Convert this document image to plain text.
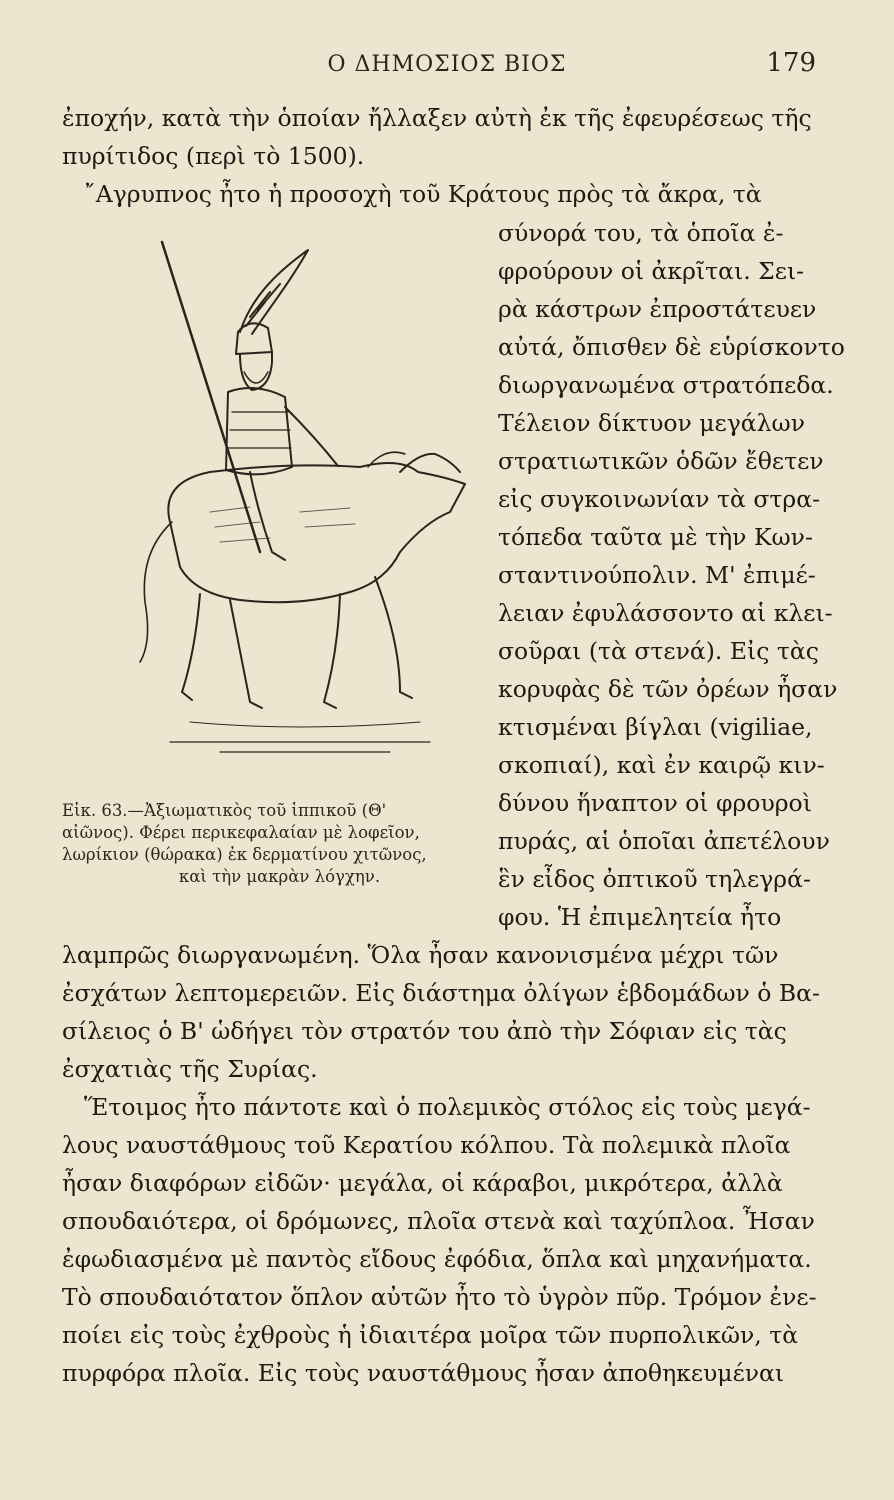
Ο ΔΗΜΟΣΙΟΣ ΒΙΟΣ	179
ἐποχήν, κατὰ τὴν ὁποίαν ἤλλαξεν αὐτὴ ἐκ τῆς ἐφευρέσεως τῆς
πυρίτιδος (περὶ τὸ 1500).
῎Αγρυπνος ἦτο ἡ προσοχὴ τοῦ Κράτους πρὸς τὰ ἄκρα, τὰ
σύνορά του, τὰ ὁποῖα ἐ-
φρούρουν οἱ ἀκρῖται. Σει-
ρὰ κάστρων ἐπροστάτευεν
αὐτά, ὄπισθεν δὲ εὑρίσκοντο
διωργανωμένα στρατόπεδα.
Τέλειον δίκτυον μεγάλων
στρατιωτικῶν ὁδῶν ἔθετεν
εἰς συγκοινωνίαν τὰ στρα-
τόπεδα ταῦτα μὲ τὴν Κων-
σταντινούπολιν. Μ' ἐπιμέ-
λειαν ἐφυλάσσοντο αἱ κλει-
σοῦραι (τὰ στενά). Εἰς τὰς
κορυφὰς δὲ τῶν ὀρέων ἦσαν
κτισμέναι βίγλαι (vigiliae,
σκοπιαί), καὶ ἐν καιρῷ κιν-
δύνου ἥναπτον οἱ φρουροὶ
πυράς, αἱ ὁποῖαι ἀπετέλουν
ἓν εἶδος ὀπτικοῦ τηλεγρά-
φου. Ἡ ἐπιμελητεία ἦτο
λαμπρῶς διωργανωμένη. Ὅλα ἦσαν κανονισμένα μέχρι τῶν
ἐσχάτων λεπτομερειῶν. Εἰς διάστημα ὀλίγων ἑβδομάδων ὁ Βα-
σίλειος ὁ Β' ὡδήγει τὸν στρατόν του ἀπὸ τὴν Σόφιαν εἰς τὰς
ἐσχατιὰς τῆς Συρίας.
Ἕτοιμος ἦτο πάντοτε καὶ ὁ πολεμικὸς στόλος εἰς τοὺς μεγά-
λους ναυστάθμους τοῦ Κερατίου κόλπου. Τὰ πολεμικὰ πλοῖα
ἦσαν διαφόρων εἰδῶν· μεγάλα, οἱ κάραβοι, μικρότερα, ἀλλὰ
σπουδαιότερα, οἱ δρόμωνες, πλοῖα στενὰ καὶ ταχύπλοα. Ἦσαν
ἐφωδιασμένα μὲ παντὸς εἴδους ἐφόδια, ὅπλα καὶ μηχανήματα.
Τὸ σπουδαιότατον ὅπλον αὐτῶν ἦτο τὸ ὑγρὸν πῦρ. Τρόμον ἐνε-
ποίει εἰς τοὺς ἐχθροὺς ἡ ἰδιαιτέρα μοῖρα τῶν πυρπολικῶν, τὰ
πυρφόρα πλοῖα. Εἰς τοὺς ναυστάθμους ἦσαν ἀποθηκευμέναι
Εἰκ. 63.—Ἀξιωματικὸς τοῦ ἱππικοῦ (Θ'
αἰῶνος). Φέρει περικεφαλαίαν μὲ λοφεῖον,
λωρίκιον (θώρακα) ἐκ δερματίνου χιτῶνος,
καὶ τὴν μακρὰν λόγχην.
